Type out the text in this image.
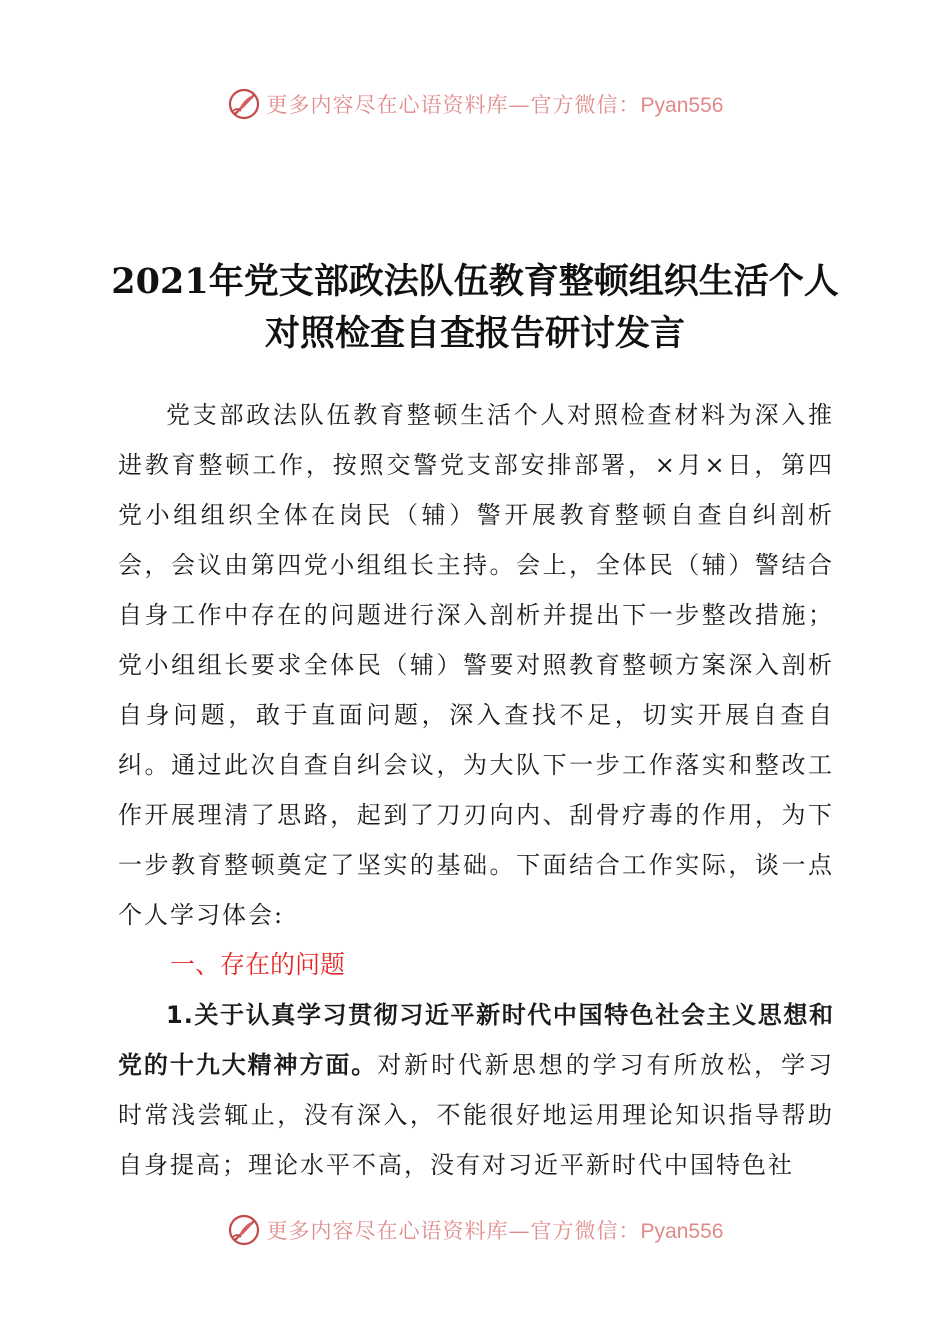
更多内容尽在心语资料库—官方微信：Pyan556
2021年党支部政法队伍教育整顿组织生活个人
对照检查自查报告研讨发言

党支部政法队伍教育整顿生活个人对照检查材料为深入推进教育整顿工作，按照交警党支部安排部署，×月×日，第四党小组组织全体在岗民（辅）警开展教育整顿自查自纠剖析会，会议由第四党小组组长主持。会上，全体民（辅）警结合自身工作中存在的问题进行深入剖析并提出下一步整改措施；党小组组长要求全体民（辅）警要对照教育整顿方案深入剖析自身问题，敢于直面问题，深入查找不足，切实开展自查自纠。通过此次自查自纠会议，为大队下一步工作落实和整改工作开展理清了思路，起到了刀刃向内、刮骨疗毒的作用，为下一步教育整顿奠定了坚实的基础。下面结合工作实际，谈一点个人学习体会:

一、存在的问题

1.关于认真学习贯彻习近平新时代中国特色社会主义思想和党的十九大精神方面。对新时代新思想的学习有所放松，学习时常浅尝辄止，没有深入，不能很好地运用理论知识指导帮助自身提高；理论水平不高，没有对习近平新时代中国特色社

更多内容尽在心语资料库—官方微信：Pyan556
